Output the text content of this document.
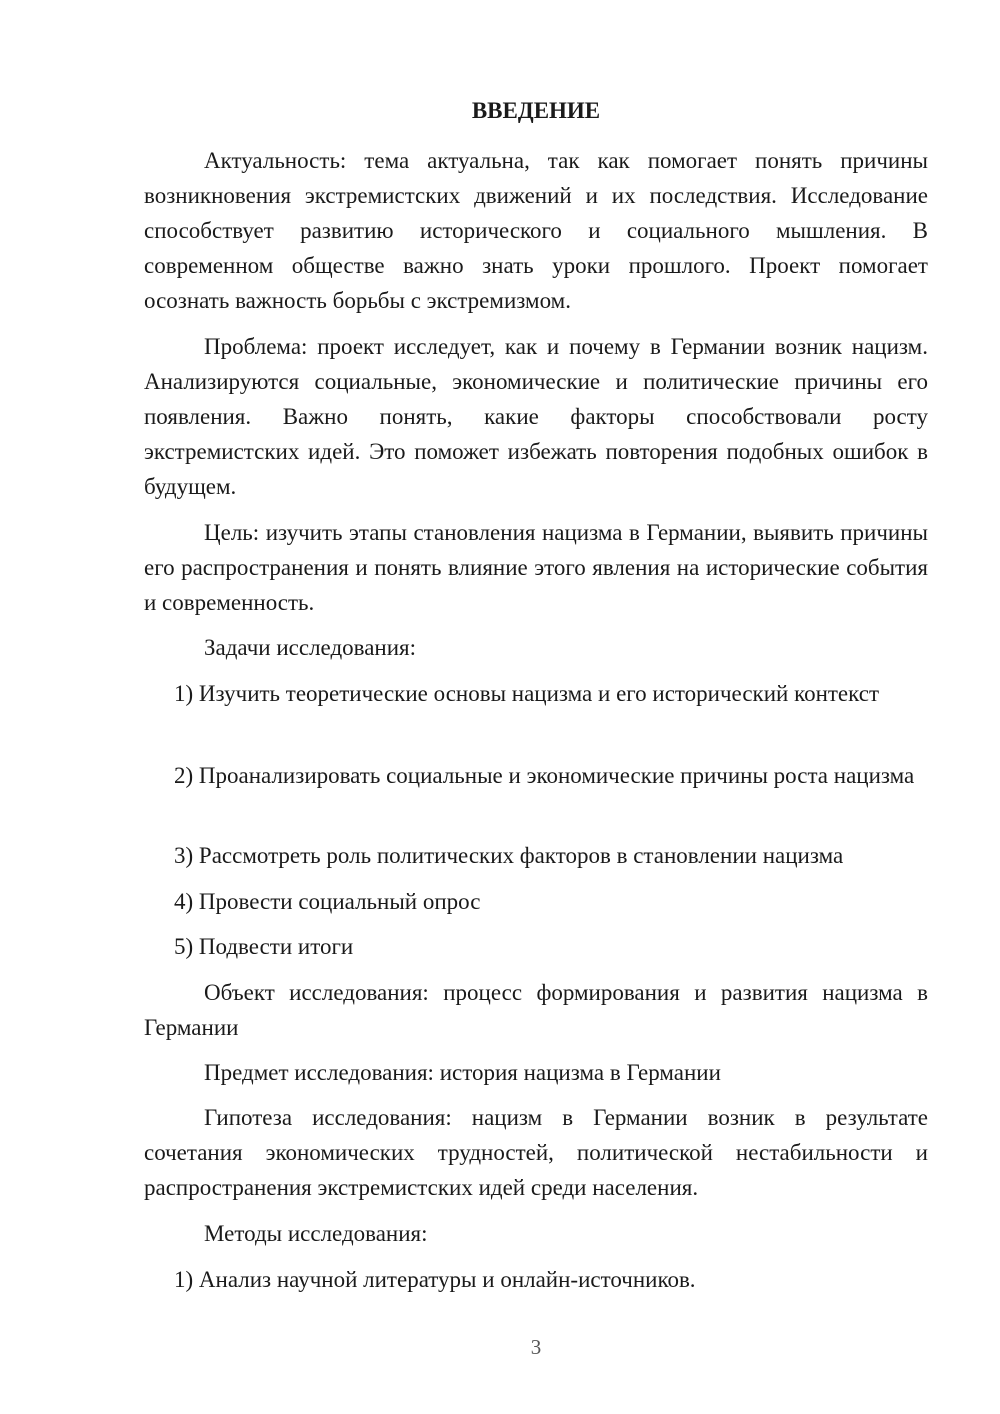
ВВЕДЕНИЕ

Актуальность: тема актуальна, так как помогает понять причины возникновения экстремистских движений и их последствия. Исследование способствует развитию исторического и социального мышления. В современном обществе важно знать уроки прошлого. Проект помогает осознать важность борьбы с экстремизмом.

Проблема: проект исследует, как и почему в Германии возник нацизм. Анализируются социальные, экономические и политические причины его появления. Важно понять, какие факторы способствовали росту экстремистских идей. Это поможет избежать повторения подобных ошибок в будущем.

Цель: изучить этапы становления нацизма в Германии, выявить причины его распространения и понять влияние этого явления на исторические события и современность.

Задачи исследования:

1) Изучить теоретические основы нацизма и его исторический контекст

2) Проанализировать социальные и экономические причины роста нацизма

3) Рассмотреть роль политических факторов в становлении нацизма

4) Провести социальный опрос

5) Подвести итоги

Объект исследования: процесс формирования и развития нацизма в Германии

Предмет исследования: история нацизма в Германии

Гипотеза исследования: нацизм в Германии возник в результате сочетания экономических трудностей, политической нестабильности и распространения экстремистских идей среди населения.

Методы исследования:

1) Анализ научной литературы и онлайн-источников.

3
